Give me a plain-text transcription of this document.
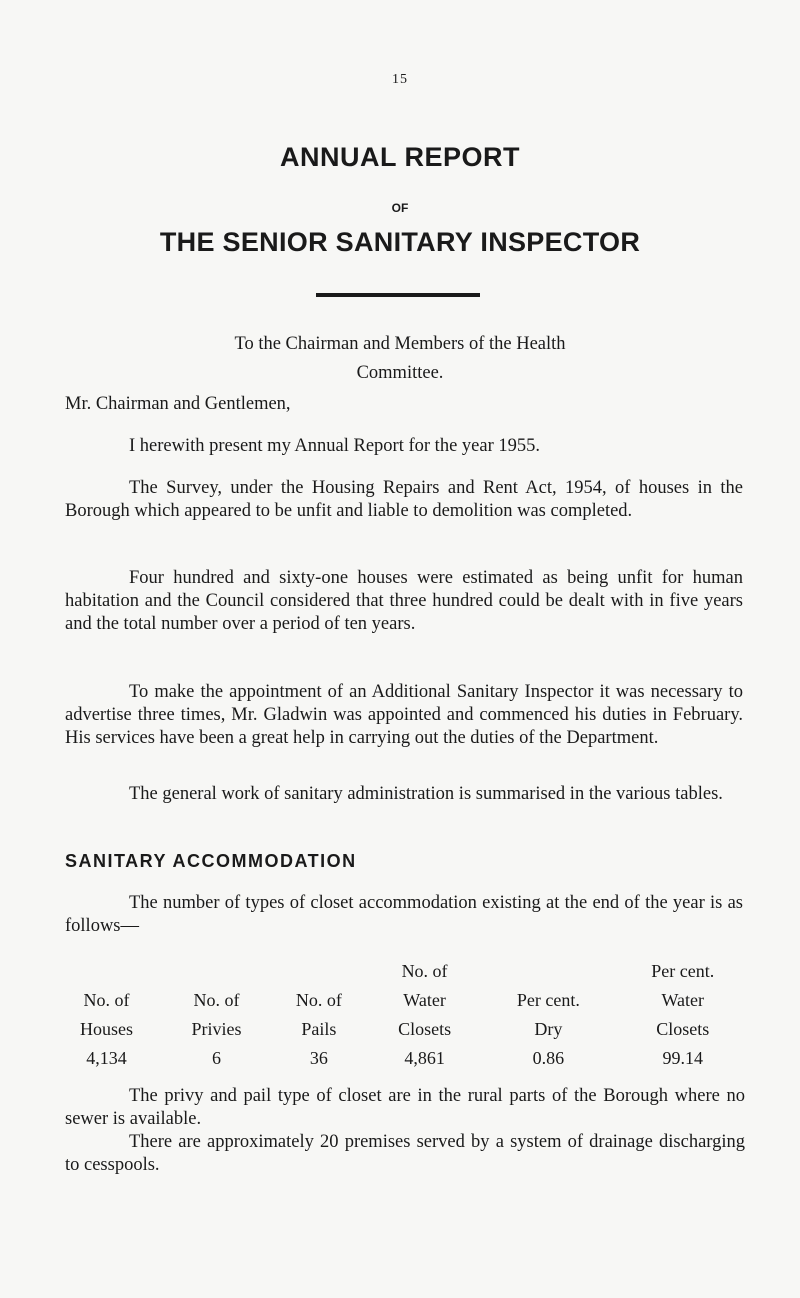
15
ANNUAL REPORT
OF
THE SENIOR SANITARY INSPECTOR

To the Chairman and Members of the Health Committee.

Mr. Chairman and Gentlemen,

I herewith present my Annual Report for the year 1955.

The Survey, under the Housing Repairs and Rent Act, 1954, of houses in the Borough which appeared to be unfit and liable to demolition was completed.

Four hundred and sixty-one houses were estimated as being unfit for human habitation and the Council considered that three hundred could be dealt with in five years and the total number over a period of ten years.

To make the appointment of an Additional Sanitary Inspector it was necessary to advertise three times, Mr. Gladwin was appointed and commenced his duties in February. His services have been a great help in carrying out the duties of the Department.

The general work of sanitary administration is summarised in the various tables.

SANITARY ACCOMMODATION

The number of types of closet accommodation existing at the end of the year is as follows—

			No. of		Per cent.
No. of	No. of	No. of	Water	Per cent.	Water
Houses	Privies	Pails	Closets	Dry	Closets
4,134	6	36	4,861	0.86	99.14

The privy and pail type of closet are in the rural parts of the Borough where no sewer is available.

There are approximately 20 premises served by a system of drainage discharging to cesspools.
